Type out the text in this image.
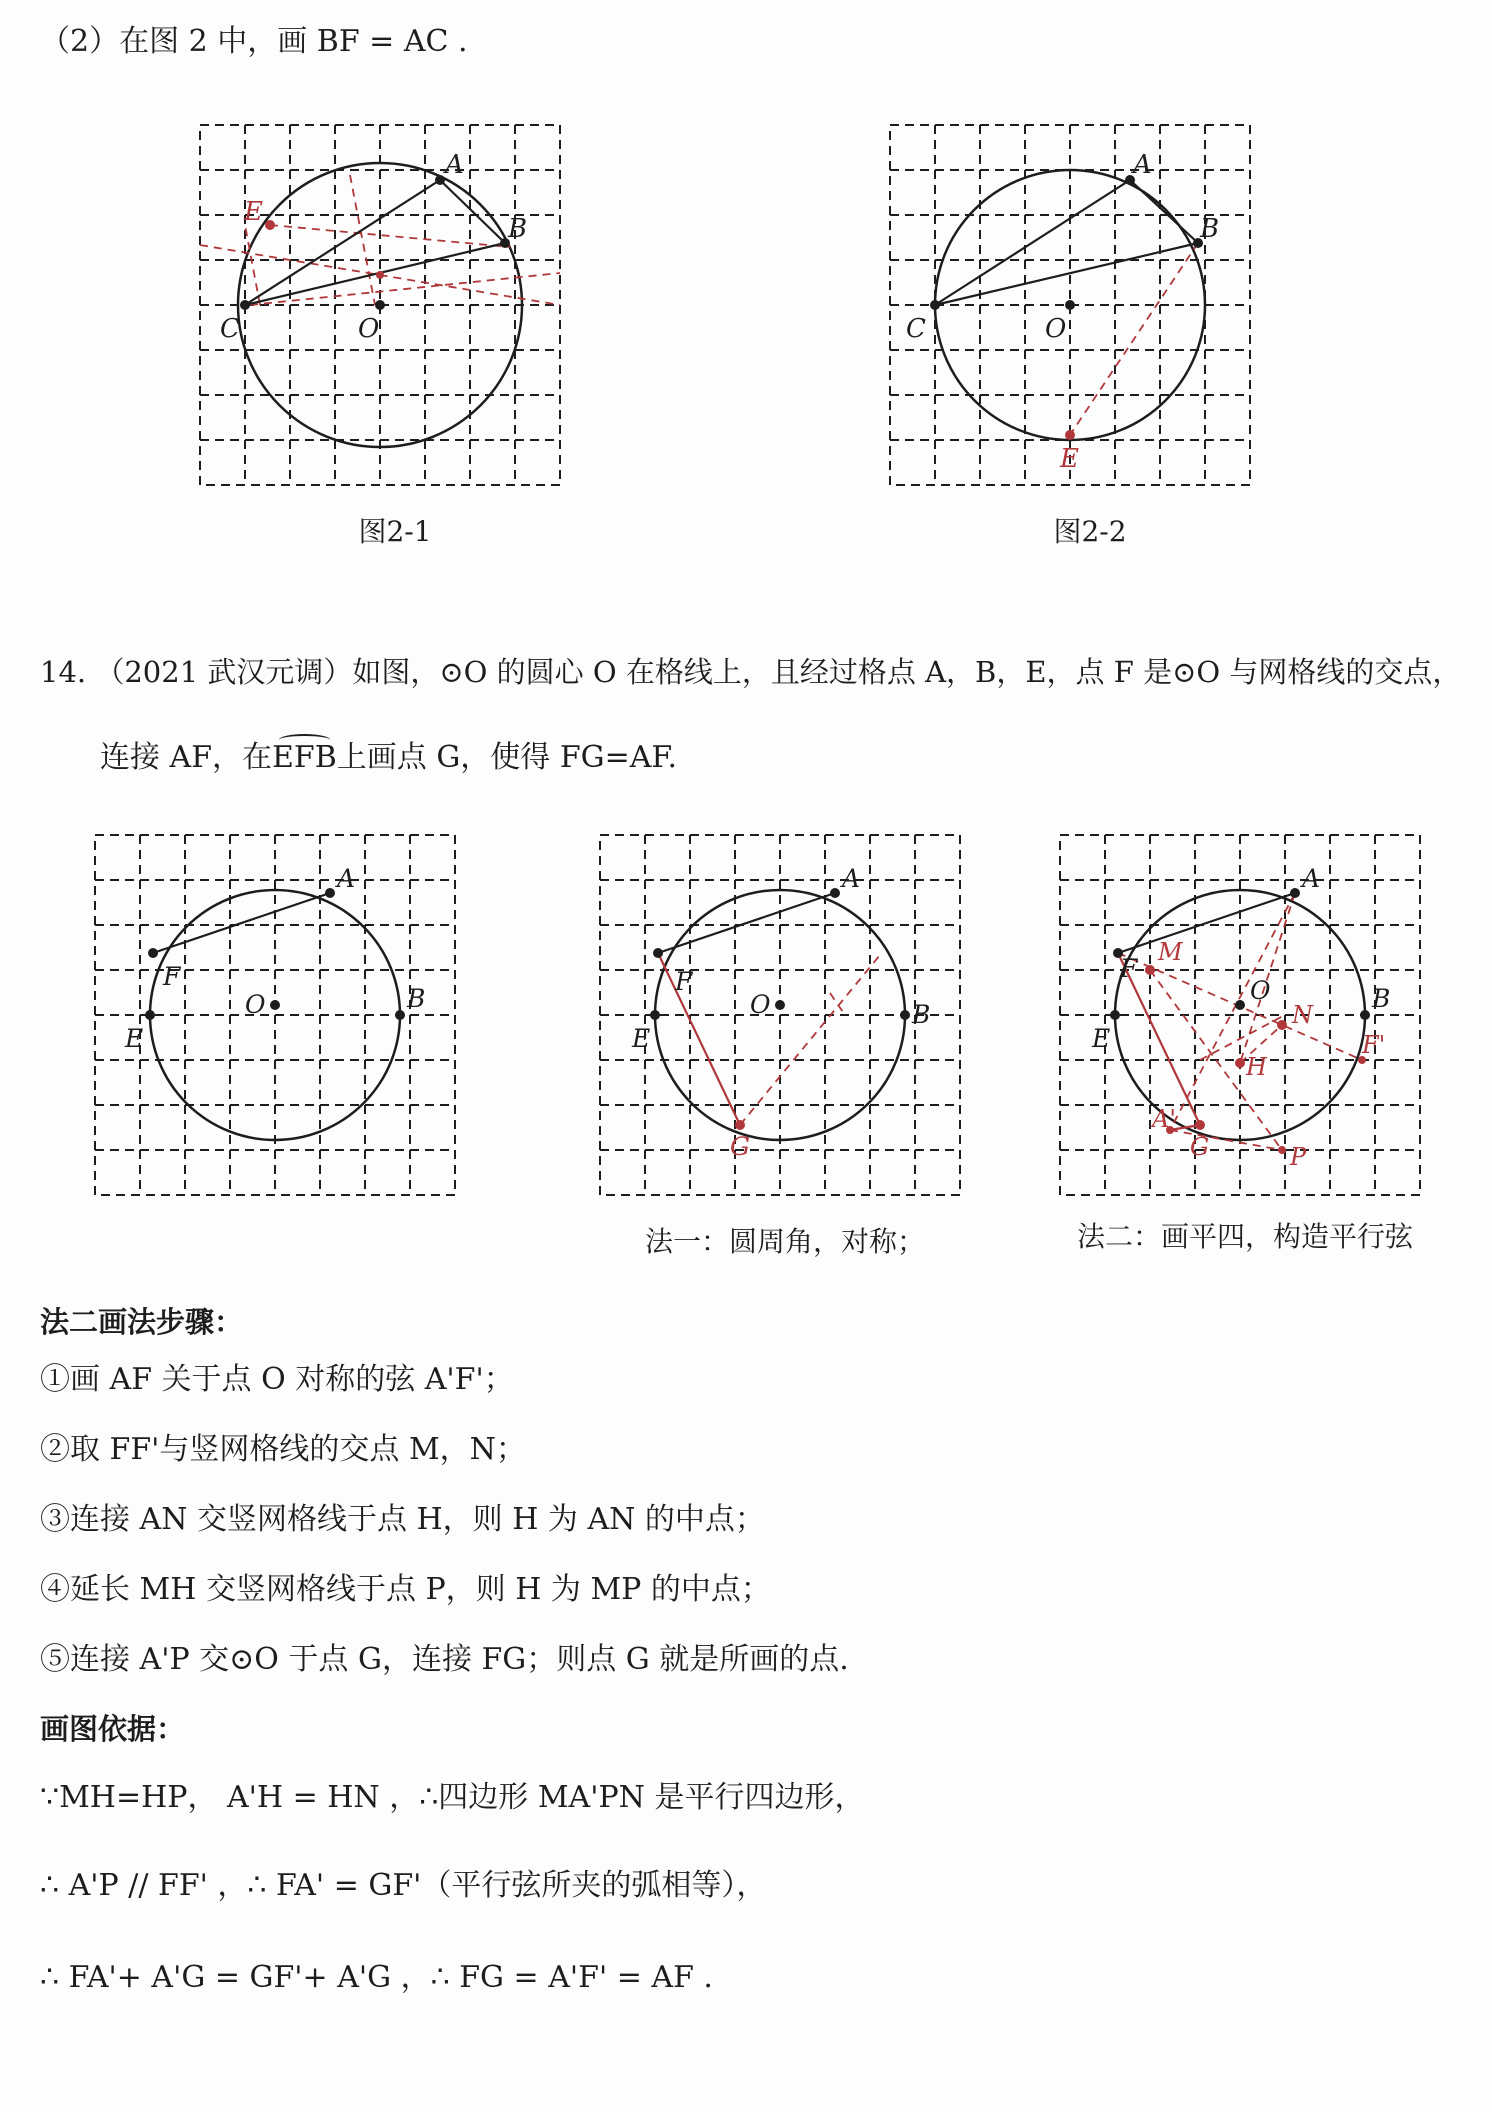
（2）在图 2 中，画 BF = AC .
A
B
C	O
E
图2-1
A
B
C	O
E
图2-2
14. （2021 武汉元调）如图，⊙O 的圆心 O 在格线上，且经过格点 A，B，E，点 F 是⊙O 与网格线的交点，
连接 AF，在EFB上画点 G，使得 FG=AF.
A
B
E
F
O
A
B
E
F
O
G
法一：圆周角，对称；
A
B
E
F
O
M
N
H
F'
A'
G	P
法二：画平四，构造平行弦
法二画法步骤：
①画 AF 关于点 O 对称的弦 A'F'；
②取 FF'与竖网格线的交点 M，N；
③连接 AN 交竖网格线于点 H，则 H 为 AN 的中点；
④延长 MH 交竖网格线于点 P，则 H 为 MP 的中点；
⑤连接 A'P 交⊙O 于点 G，连接 FG；则点 G 就是所画的点.
画图依据：
∵MH=HP， A'H = HN ，∴四边形 MA'PN 是平行四边形，
∴ A'P // FF' ，∴ FA' = GF'（平行弦所夹的弧相等），
∴ FA'+ A'G = GF'+ A'G ，∴ FG = A'F' = AF .
